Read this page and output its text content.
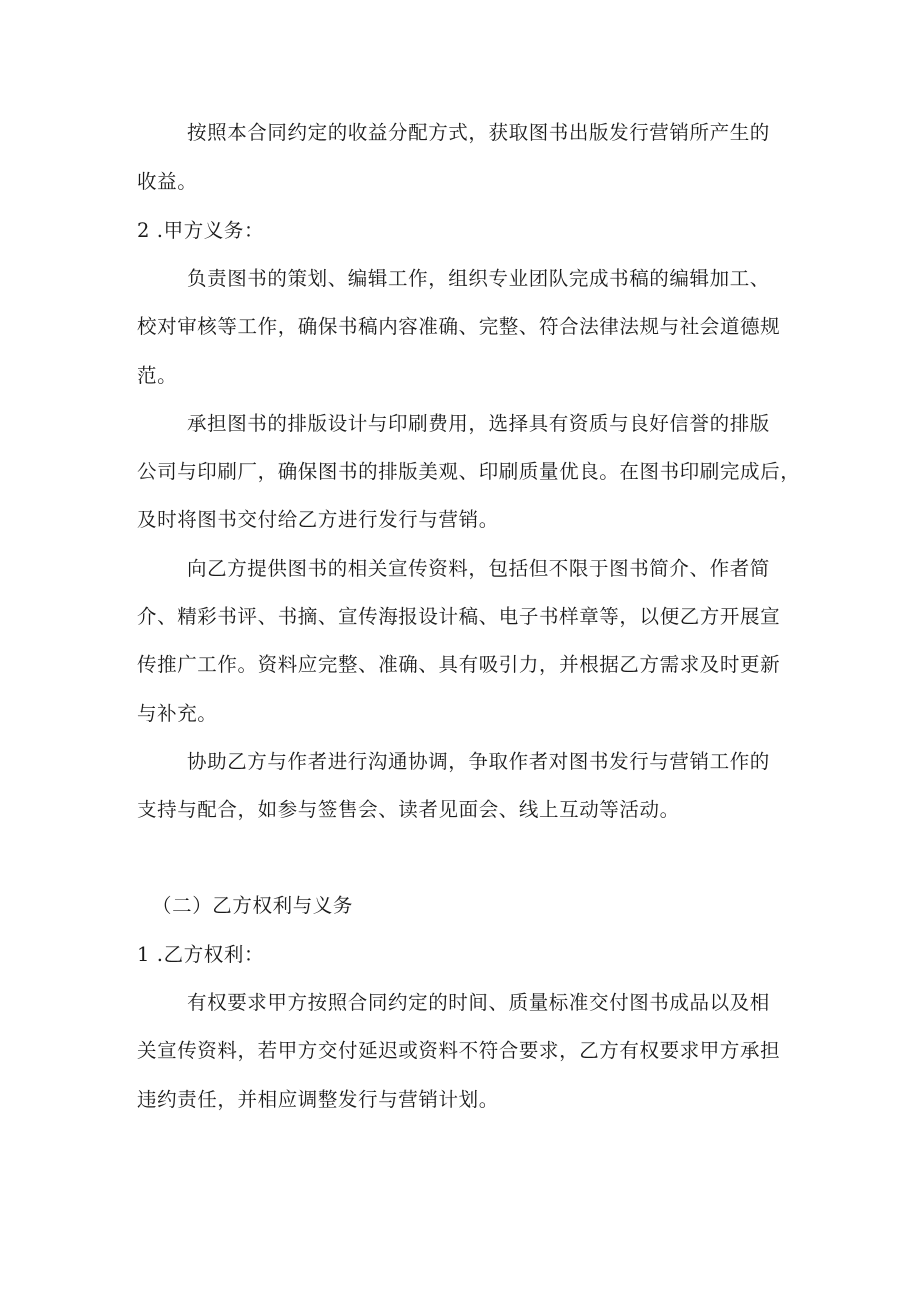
按照本合同约定的收益分配方式，获取图书出版发行营销所产生的
收益。
2 .甲方义务：
负责图书的策划、编辑工作，组织专业团队完成书稿的编辑加工、
校对审核等工作，确保书稿内容准确、完整、符合法律法规与社会道德规
范。
承担图书的排版设计与印刷费用，选择具有资质与良好信誉的排版
公司与印刷厂，确保图书的排版美观、印刷质量优良。在图书印刷完成后，
及时将图书交付给乙方进行发行与营销。
向乙方提供图书的相关宣传资料，包括但不限于图书简介、作者简
介、精彩书评、书摘、宣传海报设计稿、电子书样章等，以便乙方开展宣
传推广工作。资料应完整、准确、具有吸引力，并根据乙方需求及时更新
与补充。
协助乙方与作者进行沟通协调，争取作者对图书发行与营销工作的
支持与配合，如参与签售会、读者见面会、线上互动等活动。
（二）乙方权利与义务
1 .乙方权利：
有权要求甲方按照合同约定的时间、质量标准交付图书成品以及相
关宣传资料，若甲方交付延迟或资料不符合要求，乙方有权要求甲方承担
违约责任，并相应调整发行与营销计划。
